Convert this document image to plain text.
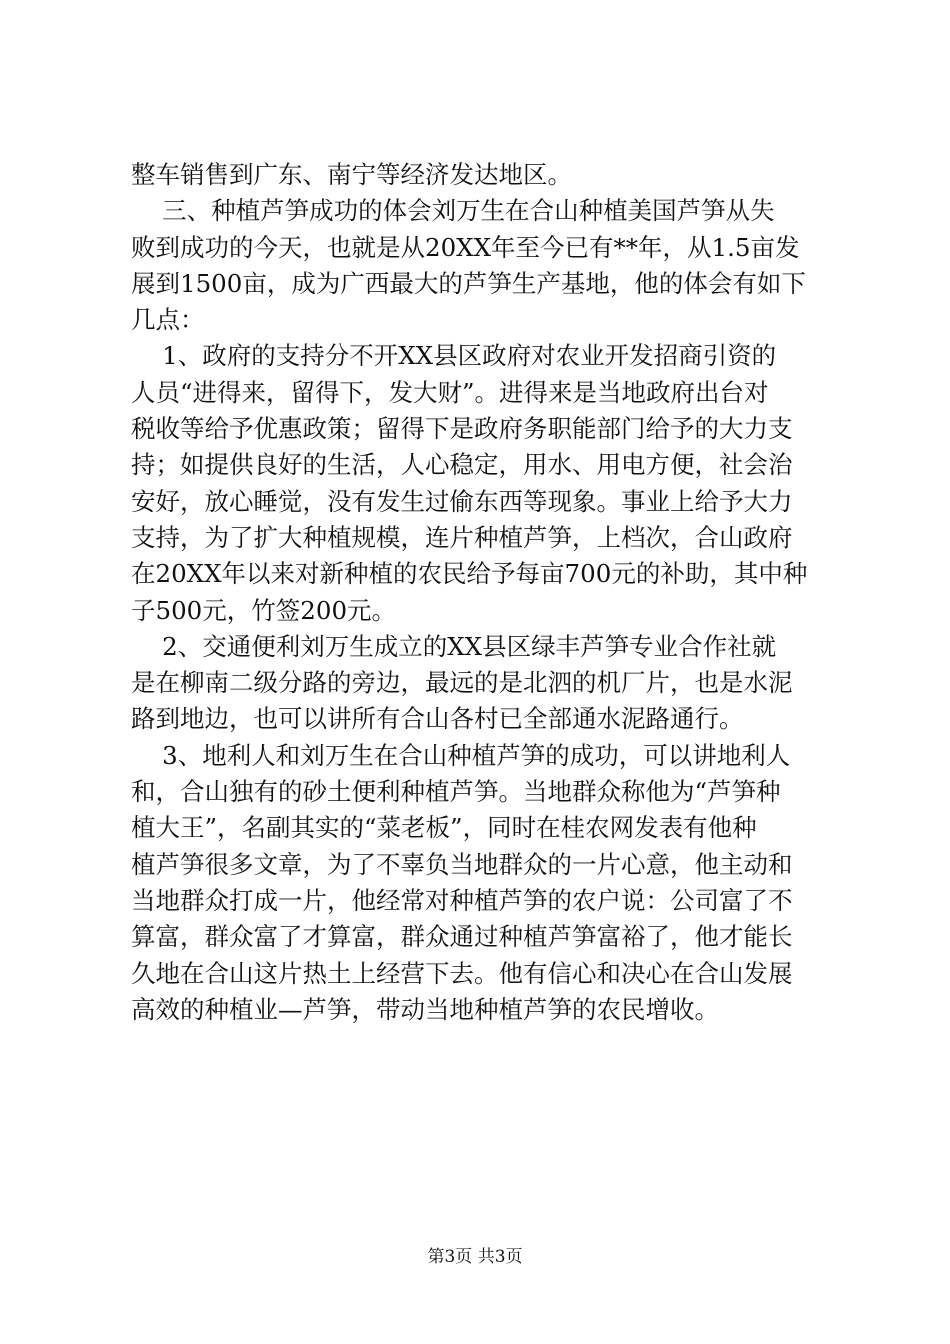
整车销售到广东、南宁等经济发达地区。
三、种植芦笋成功的体会刘万生在合山种植美国芦笋从失
败到成功的今天，也就是从20XX年至今已有**年，从1.5亩发
展到1500亩，成为广西最大的芦笋生产基地，他的体会有如下
几点：
1、政府的支持分不开XX县区政府对农业开发招商引资的
人员“进得来，留得下，发大财”。进得来是当地政府出台对
税收等给予优惠政策；留得下是政府务职能部门给予的大力支
持；如提供良好的生活，人心稳定，用水、用电方便，社会治
安好，放心睡觉，没有发生过偷东西等现象。事业上给予大力
支持，为了扩大种植规模，连片种植芦笋，上档次，合山政府
在20XX年以来对新种植的农民给予每亩700元的补助，其中种
子500元，竹签200元。
2、交通便利刘万生成立的XX县区绿丰芦笋专业合作社就
是在柳南二级分路的旁边，最远的是北泗的机厂片，也是水泥
路到地边，也可以讲所有合山各村已全部通水泥路通行。
3、地利人和刘万生在合山种植芦笋的成功，可以讲地利人
和，合山独有的砂土便利种植芦笋。当地群众称他为“芦笋种
植大王”，名副其实的“菜老板”，同时在桂农网发表有他种
植芦笋很多文章，为了不辜负当地群众的一片心意，他主动和
当地群众打成一片，他经常对种植芦笋的农户说：公司富了不
算富，群众富了才算富，群众通过种植芦笋富裕了，他才能长
久地在合山这片热土上经营下去。他有信心和决心在合山发展
高效的种植业—芦笋，带动当地种植芦笋的农民增收。
第3页 共3页
